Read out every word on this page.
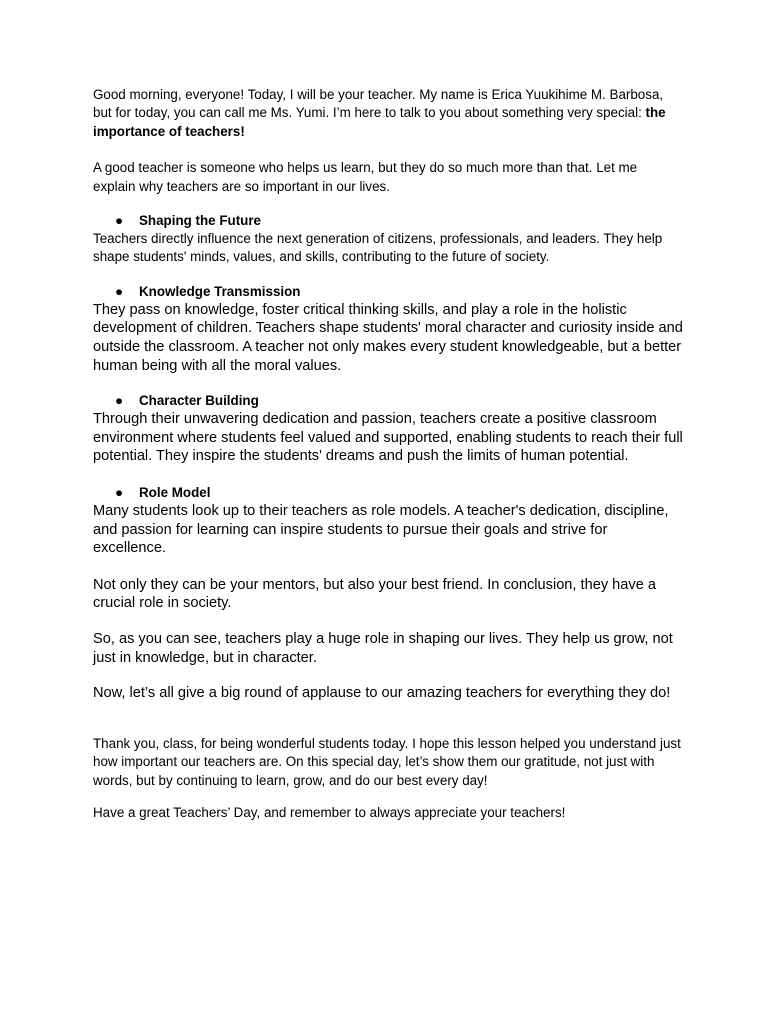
Good morning, everyone! Today, I will be your teacher. My name is Erica Yuukihime M. Barbosa, but for today, you can call me Ms. Yumi. I’m here to talk to you about something very special: the importance of teachers!

A good teacher is someone who helps us learn, but they do so much more than that. Let me explain why teachers are so important in our lives.

● Shaping the Future

Teachers directly influence the next generation of citizens, professionals, and leaders. They help shape students' minds, values, and skills, contributing to the future of society.

● Knowledge Transmission

They pass on knowledge, foster critical thinking skills, and play a role in the holistic development of children. Teachers shape students' moral character and curiosity inside and outside the classroom. A teacher not only makes every student knowledgeable, but a better human being with all the moral values.

● Character Building

Through their unwavering dedication and passion, teachers create a positive classroom environment where students feel valued and supported, enabling students to reach their full potential. They inspire the students' dreams and push the limits of human potential.

● Role Model

Many students look up to their teachers as role models. A teacher's dedication, discipline, and passion for learning can inspire students to pursue their goals and strive for excellence.

Not only they can be your mentors, but also your best friend. In conclusion, they have a crucial role in society.

So, as you can see, teachers play a huge role in shaping our lives. They help us grow, not just in knowledge, but in character.

Now, let’s all give a big round of applause to our amazing teachers for everything they do!

Thank you, class, for being wonderful students today. I hope this lesson helped you understand just how important our teachers are. On this special day, let’s show them our gratitude, not just with words, but by continuing to learn, grow, and do our best every day!

Have a great Teachers’ Day, and remember to always appreciate your teachers!
